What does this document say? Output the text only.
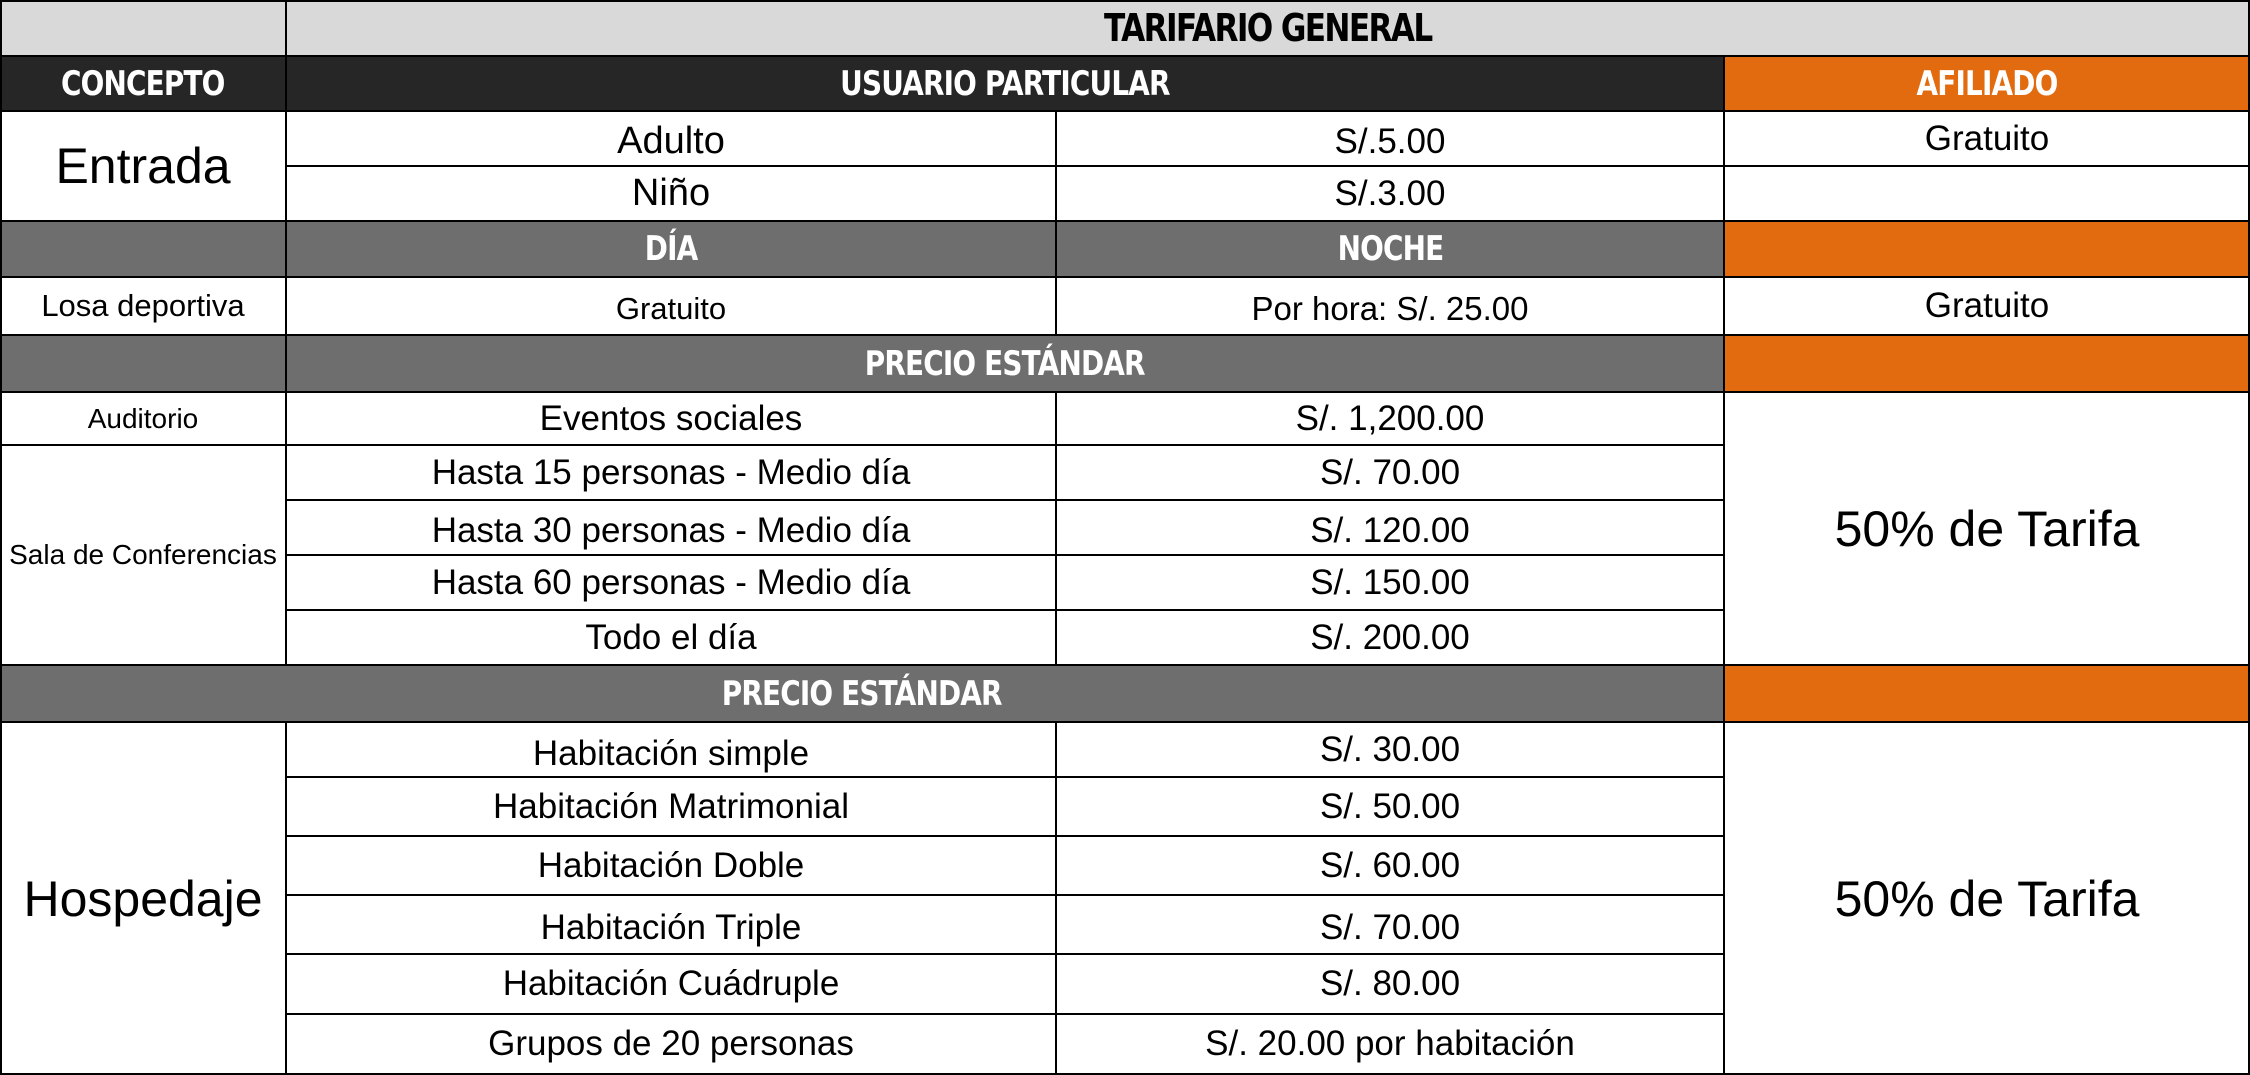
TARIFARIO GENERAL
CONCEPTO	USUARIO PARTICULAR	AFILIADO
Entrada	Adulto	S/.5.00	Gratuito
Niño	S/.3.00
DÍA	NOCHE
Losa deportiva	Gratuito	Por hora: S/. 25.00	Gratuito
PRECIO ESTÁNDAR
Auditorio	Eventos sociales	S/. 1,200.00
Sala de Conferencias
Hasta 15 personas - Medio día	S/. 70.00
Hasta 30 personas - Medio día	S/. 120.00
Hasta 60 personas - Medio día	S/. 150.00
Todo el día	S/. 200.00
50% de Tarifa
PRECIO ESTÁNDAR
Hospedaje
Habitación simple	S/. 30.00
Habitación Matrimonial	S/. 50.00
Habitación Doble	S/. 60.00
Habitación Triple	S/. 70.00
Habitación Cuádruple	S/. 80.00
Grupos de 20 personas	S/. 20.00 por habitación
50% de Tarifa
